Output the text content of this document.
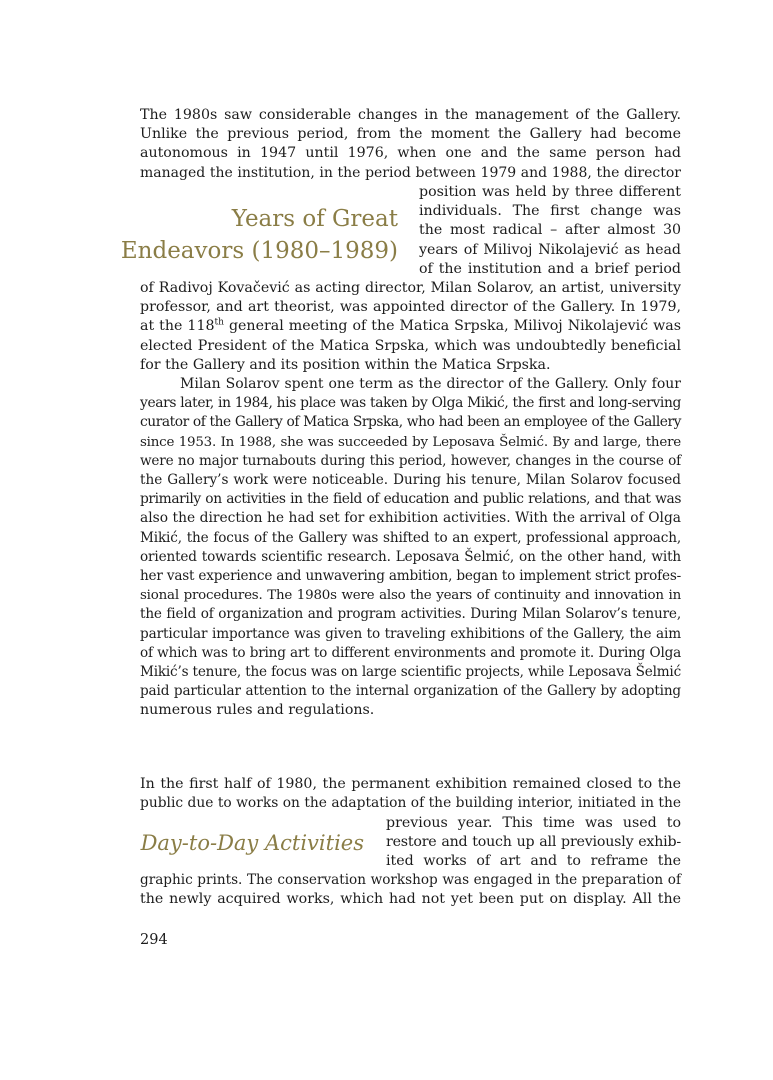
The 1980s saw considerable changes in the management of the Gallery.
Unlike the previous period, from the moment the Gallery had become
autonomous in 1947 until 1976, when one and the same person had
managed the institution, in the period between 1979 and 1988, the director
Years of Great
Endeavors (1980–1989)
position was held by three different
individuals. The first change was
the most radical – after almost 30
years of Milivoj Nikolajević as head
of the institution and a brief period
of Radivoj Kovačević as acting director, Milan Solarov, an artist, university
professor, and art theorist, was appointed director of the Gallery. In 1979,
at the 118th general meeting of the Matica Srpska, Milivoj Nikolajević was
elected President of the Matica Srpska, which was undoubtedly beneficial
for the Gallery and its position within the Matica Srpska.
Milan Solarov spent one term as the director of the Gallery. Only four
years later, in 1984, his place was taken by Olga Mikić, the first and long-serving
curator of the Gallery of Matica Srpska, who had been an employee of the Gallery
since 1953. In 1988, she was succeeded by Leposava Šelmić. By and large, there
were no major turnabouts during this period, however, changes in the course of
the Gallery’s work were noticeable. During his tenure, Milan Solarov focused
primarily on activities in the field of education and public relations, and that was
also the direction he had set for exhibition activities. With the arrival of Olga
Mikić, the focus of the Gallery was shifted to an expert, professional approach,
oriented towards scientific research. Leposava Šelmić, on the other hand, with
her vast experience and unwavering ambition, began to implement strict profes-
sional procedures. The 1980s were also the years of continuity and innovation in
the field of organization and program activities. During Milan Solarov’s tenure,
particular importance was given to traveling exhibitions of the Gallery, the aim
of which was to bring art to different environments and promote it. During Olga
Mikić’s tenure, the focus was on large scientific projects, while Leposava Šelmić
paid particular attention to the internal organization of the Gallery by adopting
numerous rules and regulations.
In the first half of 1980, the permanent exhibition remained closed to the
public due to works on the adaptation of the building interior, initiated in the
Day-to-Day Activities
previous year. This time was used to
restore and touch up all previously exhib-
ited works of art and to reframe the
graphic prints. The conservation workshop was engaged in the preparation of
the newly acquired works, which had not yet been put on display. All the
294
